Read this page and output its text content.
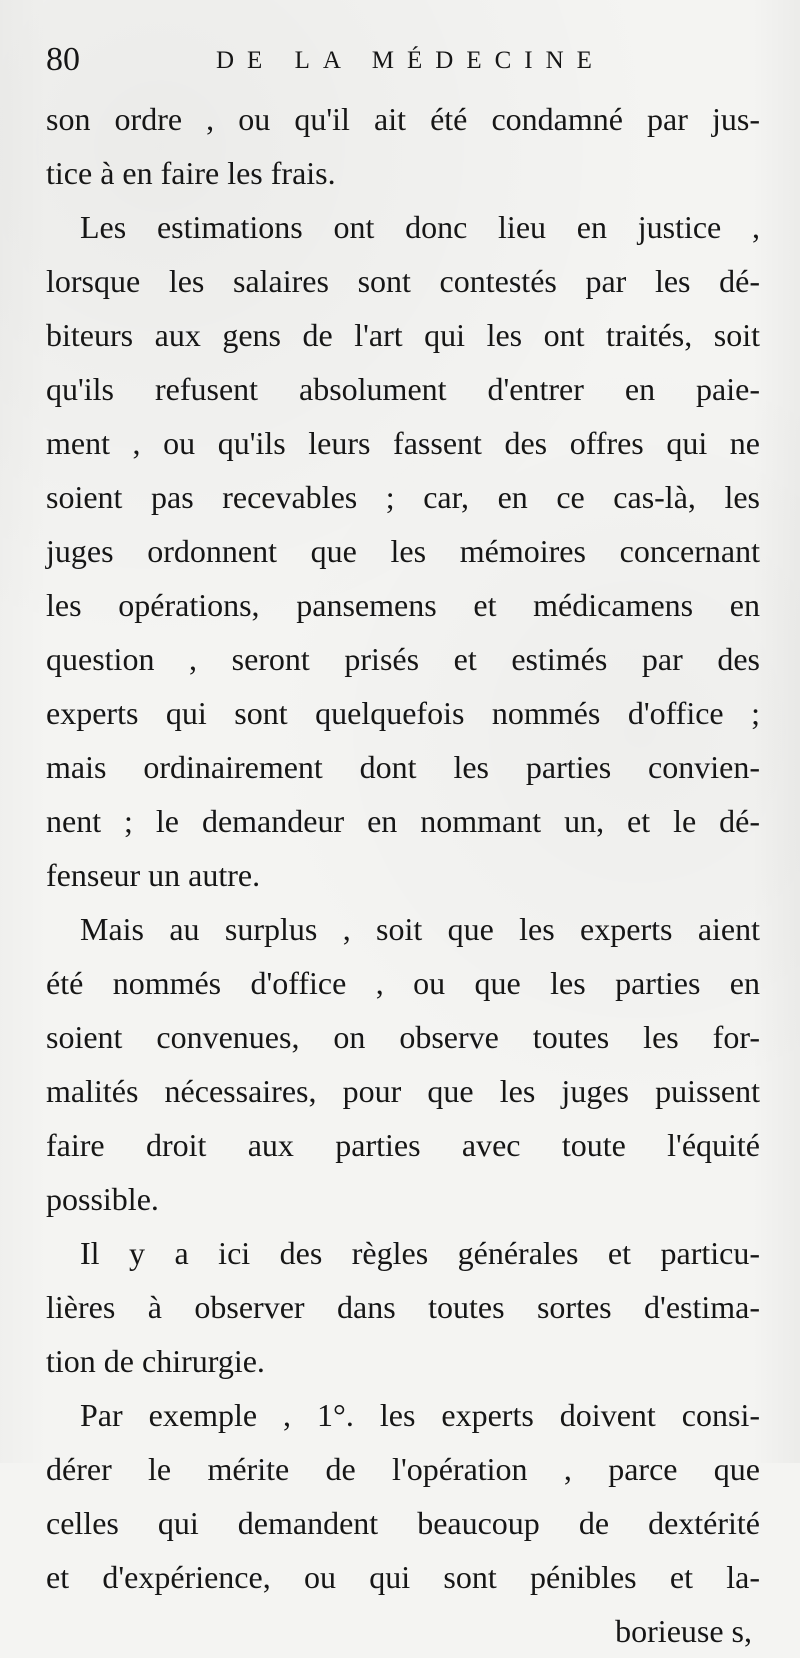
80	DE LA MÉDECINE
son ordre , ou qu'il ait été condamné par jus-
tice à en faire les frais.
Les estimations ont donc lieu en justice ,
lorsque les salaires sont contestés par les dé-
biteurs aux gens de l'art qui les ont traités, soit
qu'ils refusent absolument d'entrer en paie-
ment , ou qu'ils leurs fassent des offres qui ne
soient pas recevables ; car, en ce cas-là, les
juges ordonnent que les mémoires concernant
les opérations, pansemens et médicamens en
question , seront prisés et estimés par des
experts qui sont quelquefois nommés d'office ;
mais ordinairement dont les parties convien-
nent ; le demandeur en nommant un, et le dé-
fenseur un autre.
Mais au surplus , soit que les experts aient
été nommés d'office , ou que les parties en
soient convenues, on observe toutes les for-
malités nécessaires, pour que les juges puissent
faire droit aux parties avec toute l'équité
possible.
Il y a ici des règles générales et particu-
lières à observer dans toutes sortes d'estima-
tion de chirurgie.
Par exemple , 1°. les experts doivent consi-
dérer le mérite de l'opération , parce que
celles qui demandent beaucoup de dextérité
et d'expérience, ou qui sont pénibles et la-
borieuse s,
